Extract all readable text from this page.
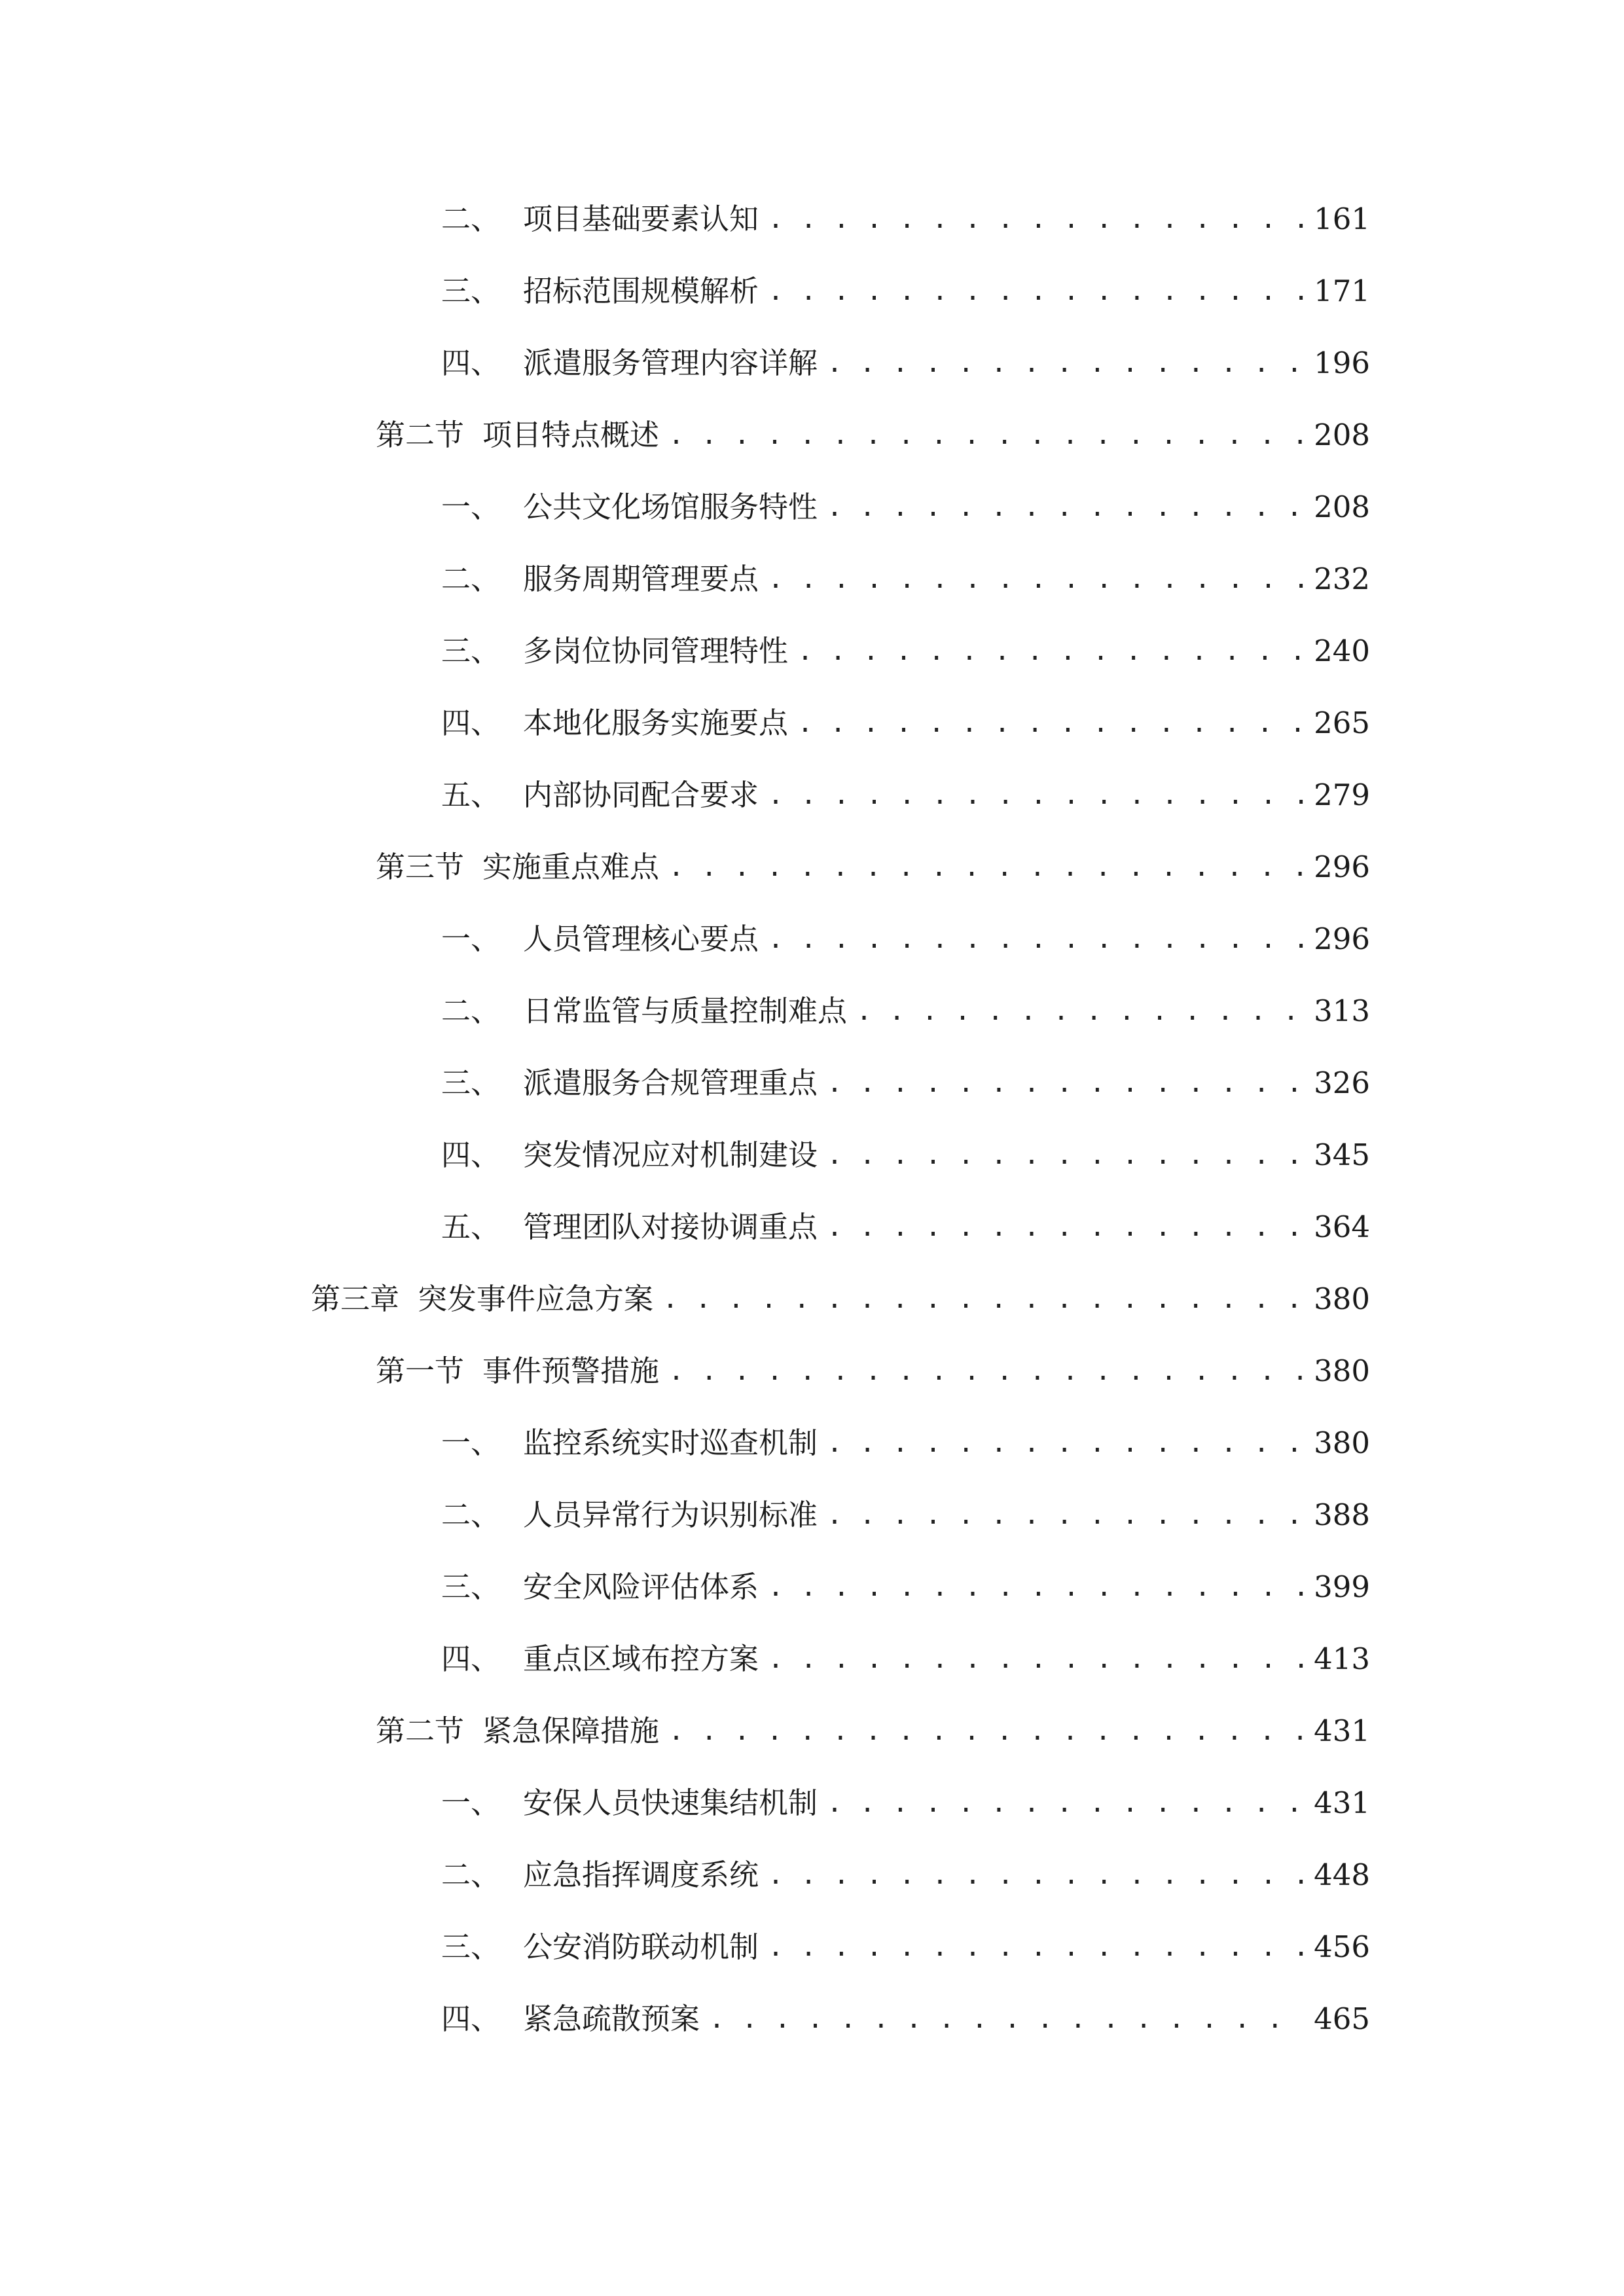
二、 项目基础要素认知 . . .	161
三、 招标范围规模解析 . . .	171
四、 派遣服务管理内容详解 . . .	196
第二节 项目特点概述 . . .	208
一、 公共文化场馆服务特性 . . .	208
二、 服务周期管理要点 . . .	232
三、 多岗位协同管理特性 . . .	240
四、 本地化服务实施要点 . . .	265
五、 内部协同配合要求 . . .	279
第三节 实施重点难点 . . .	296
一、 人员管理核心要点 . . .	296
二、 日常监管与质量控制难点 . . .	313
三、 派遣服务合规管理重点 . . .	326
四、 突发情况应对机制建设 . . .	345
五、 管理团队对接协调重点 . . .	364
第三章 突发事件应急方案 . . .	380
第一节 事件预警措施 . . .	380
一、 监控系统实时巡查机制 . . .	380
二、 人员异常行为识别标准 . . .	388
三、 安全风险评估体系 . . .	399
四、 重点区域布控方案 . . .	413
第二节 紧急保障措施 . . .	431
一、 安保人员快速集结机制 . . .	431
二、 应急指挥调度系统 . . .	448
三、 公安消防联动机制 . . .	456
四、 紧急疏散预案 . . .	465
